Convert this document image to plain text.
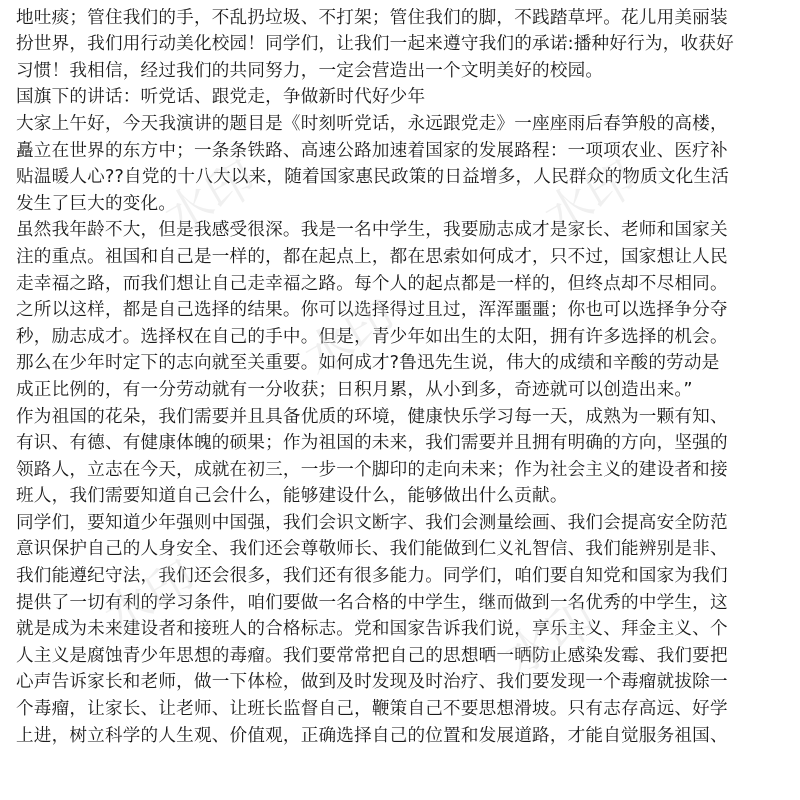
地吐痰；管住我们的手，不乱扔垃圾、不打架；管住我们的脚，不践踏草坪。花儿用美丽装
扮世界，我们用行动美化校园！同学们，让我们一起来遵守我们的承诺:播种好行为，收获好
习惯！我相信，经过我们的共同努力，一定会营造出一个文明美好的校园。
国旗下的讲话：听党话、跟党走，争做新时代好少年
大家上午好，今天我演讲的题目是《时刻听党话，永远跟党走》一座座雨后春笋般的高楼，
矗立在世界的东方中；一条条铁路、高速公路加速着国家的发展路程：一项项农业、医疗补
贴温暖人心??自党的十八大以来，随着国家惠民政策的日益增多，人民群众的物质文化生活
发生了巨大的变化。
虽然我年龄不大，但是我感受很深。我是一名中学生，我要励志成才是家长、老师和国家关
注的重点。祖国和自己是一样的，都在起点上，都在思索如何成才，只不过，国家想让人民
走幸福之路，而我们想让自己走幸福之路。每个人的起点都是一样的，但终点却不尽相同。
之所以这样，都是自己选择的结果。你可以选择得过且过，浑浑噩噩；你也可以选择争分夺
秒，励志成才。选择权在自己的手中。但是，青少年如出生的太阳，拥有许多选择的机会。
那么在少年时定下的志向就至关重要。如何成才?鲁迅先生说，伟大的成绩和辛酸的劳动是
成正比例的，有一分劳动就有一分收获；日积月累，从小到多，奇迹就可以创造出来。”
作为祖国的花朵，我们需要并且具备优质的环境，健康快乐学习每一天，成熟为一颗有知、
有识、有德、有健康体魄的硕果；作为祖国的未来，我们需要并且拥有明确的方向，坚强的
领路人，立志在今天，成就在初三，一步一个脚印的走向未来；作为社会主义的建设者和接
班人，我们需要知道自己会什么，能够建设什么，能够做出什么贡献。
同学们，要知道少年强则中国强，我们会识文断字、我们会测量绘画、我们会提高安全防范
意识保护自己的人身安全、我们还会尊敬师长、我们能做到仁义礼智信、我们能辨别是非、
我们能遵纪守法，我们还会很多，我们还有很多能力。同学们，咱们要自知党和国家为我们
提供了一切有利的学习条件，咱们要做一名合格的中学生，继而做到一名优秀的中学生，这
就是成为未来建设者和接班人的合格标志。党和国家告诉我们说，享乐主义、拜金主义、个
人主义是腐蚀青少年思想的毒瘤。我们要常常把自己的思想晒一晒防止感染发霉、我们要把
心声告诉家长和老师，做一下体检，做到及时发现及时治疗、我们要发现一个毒瘤就拔除一
个毒瘤，让家长、让老师、让班长监督自己，鞭策自己不要思想滑坡。只有志存高远、好学
上进，树立科学的人生观、价值观，正确选择自己的位置和发展道路，才能自觉服务祖国、
水印	水印
水印
水印	水印
